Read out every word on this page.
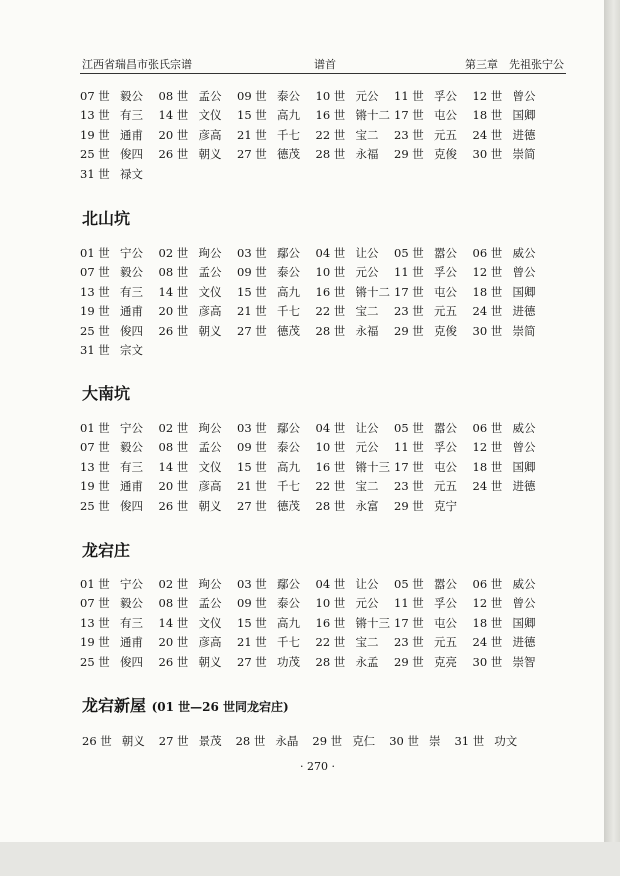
江西省瑞昌市张氏宗谱	谱首	第三章　先祖张宁公
07 世 毅公	08 世 孟公	09 世 泰公	10 世 元公	11 世 孚公	12 世 曾公
13 世 有三	14 世 文仪	15 世 高九	16 世 锵十二 17 世 屯公	18 世 国卿
19 世 通甫	20 世 彦高	21 世 千七	22 世 宝二	23 世 元五	24 世 进德
25 世 俊四	26 世 朝义	27 世 德茂	28 世 永福	29 世 克俊	30 世 崇简
31 世 禄文
北山坑
01 世 宁公	02 世 珣公	03 世 鄢公	04 世 让公	05 世 嚣公	06 世 威公
07 世 毅公	08 世 孟公	09 世 泰公	10 世 元公	11 世 孚公	12 世 曾公
13 世 有三	14 世 文仪	15 世 高九	16 世 锵十二 17 世 屯公	18 世 国卿
19 世 通甫	20 世 彦高	21 世 千七	22 世 宝二	23 世 元五	24 世 进德
25 世 俊四	26 世 朝义	27 世 德茂	28 世 永福	29 世 克俊	30 世 崇简
31 世 宗文
大南坑
01 世 宁公	02 世 珣公	03 世 鄢公	04 世 让公	05 世 嚣公	06 世 威公
07 世 毅公	08 世 孟公	09 世 泰公	10 世 元公	11 世 孚公	12 世 曾公
13 世 有三	14 世 文仪	15 世 高九	16 世 锵十三 17 世 屯公	18 世 国卿
19 世 通甫	20 世 彦高	21 世 千七	22 世 宝二	23 世 元五	24 世 进德
25 世 俊四	26 世 朝义	27 世 德茂	28 世 永富	29 世 克宁
龙宕庄
01 世 宁公	02 世 珣公	03 世 鄢公	04 世 让公	05 世 嚣公	06 世 威公
07 世 毅公	08 世 孟公	09 世 泰公	10 世 元公	11 世 孚公	12 世 曾公
13 世 有三	14 世 文仪	15 世 高九	16 世 锵十三 17 世 屯公	18 世 国卿
19 世 通甫	20 世 彦高	21 世 千七	22 世 宝二	23 世 元五	24 世 进德
25 世 俊四	26 世 朝义	27 世 功茂	28 世 永孟	29 世 克亮	30 世 崇智
龙宕新屋 (01 世—26 世同龙宕庄)
26 世 朝义 27 世 景茂 28 世 永晶 29 世 克仁 30 世 崇 31 世 功文
· 270 ·
